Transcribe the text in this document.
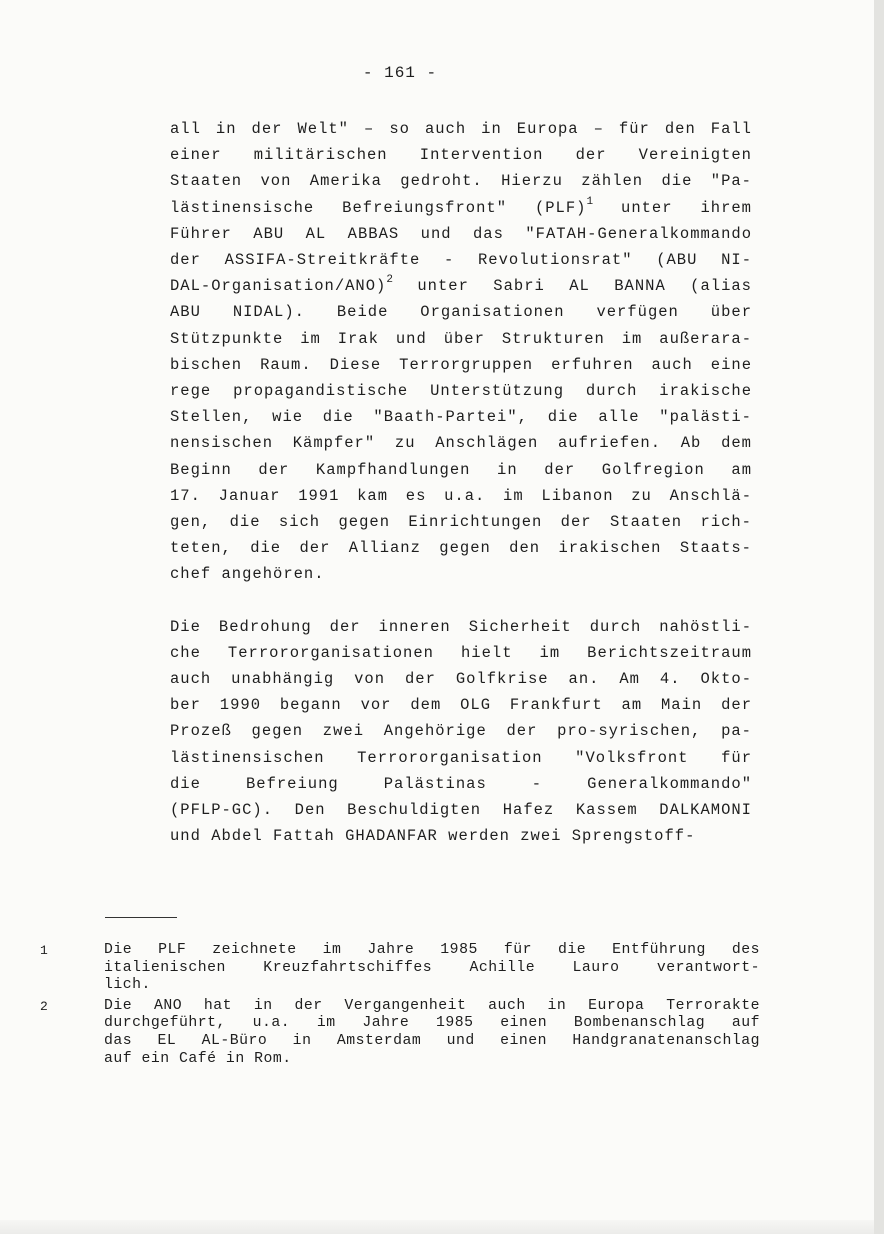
- 161 -
all in der Welt" – so auch in Europa – für den Fall
einer militärischen Intervention der Vereinigten
Staaten von Amerika gedroht. Hierzu zählen die "Pa-
lästinensische Befreiungsfront" (PLF)$^1$ unter ihrem
Führer ABU AL ABBAS und das "FATAH-Generalkommando
der ASSIFA-Streitkräfte - Revolutionsrat" (ABU NI-
DAL-Organisation/ANO)$^2$ unter Sabri AL BANNA (alias
ABU NIDAL). Beide Organisationen verfügen über
Stützpunkte im Irak und über Strukturen im außerara-
bischen Raum. Diese Terrorgruppen erfuhren auch eine
rege propagandistische Unterstützung durch irakische
Stellen, wie die "Baath-Partei", die alle "palästi-
nensischen Kämpfer" zu Anschlägen aufriefen. Ab dem
Beginn der Kampfhandlungen in der Golfregion am
17. Januar 1991 kam es u.a. im Libanon zu Anschlä-
gen, die sich gegen Einrichtungen der Staaten rich-
teten, die der Allianz gegen den irakischen Staats-
chef angehören.
Die Bedrohung der inneren Sicherheit durch nahöstli-
che Terrororganisationen hielt im Berichtszeitraum
auch unabhängig von der Golfkrise an. Am 4. Okto-
ber 1990 begann vor dem OLG Frankfurt am Main der
Prozeß gegen zwei Angehörige der pro-syrischen, pa-
lästinensischen Terrororganisation "Volksfront für
die Befreiung Palästinas - Generalkommando"
(PFLP-GC). Den Beschuldigten Hafez Kassem DALKAMONI
und Abdel Fattah GHADANFAR werden zwei Sprengstoff-
1	Die PLF zeichnete im Jahre 1985 für die Entführung des
italienischen Kreuzfahrtschiffes Achille Lauro verantwort-
lich.
2	Die ANO hat in der Vergangenheit auch in Europa Terrorakte
durchgeführt, u.a. im Jahre 1985 einen Bombenanschlag auf
das EL AL-Büro in Amsterdam und einen Handgranatenanschlag
auf ein Café in Rom.
